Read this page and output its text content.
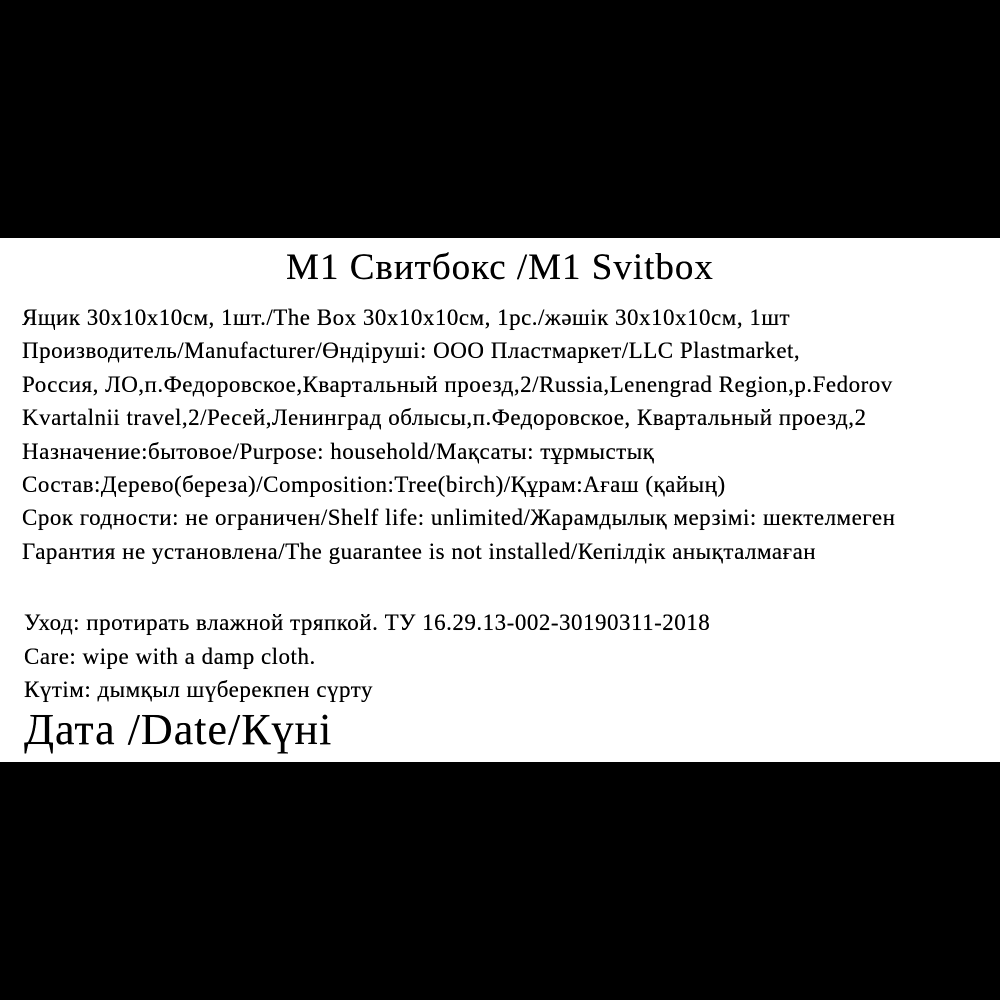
М1 Свитбокс /M1 Svitbox

Ящик 30х10х10см, 1шт./The Box 30х10х10см, 1pc./жәшік 30х10х10см, 1шт

Производитель/Manufacturer/Өндіруші: ООО Пластмаркет/LLC Plastmarket,

Россия, ЛО,п.Федоровское,Квартальный проезд,2/Russia,Lenengrad Region,p.Fedorov

Kvartalnii travel,2/Ресей,Ленинград облысы,п.Федоровское, Квартальный проезд,2

Назначение:бытовое/Purpose: household/Мақсаты: тұрмыстық

Состав:Дерево(береза)/Composition:Tree(birch)/Құрам:Ағаш (қайың)

Срок годности: не ограничен/Shelf life: unlimited/Жарамдылық мерзімі: шектелмеген

Гарантия не установлена/The guarantee is not installed/Кепілдік анықталмаған

Уход: протирать влажной тряпкой. ТУ 16.29.13-002-30190311-2018

Care: wipe with a damp cloth.

Күтім: дымқыл шүберекпен сүрту

Дата /Date/Күні
